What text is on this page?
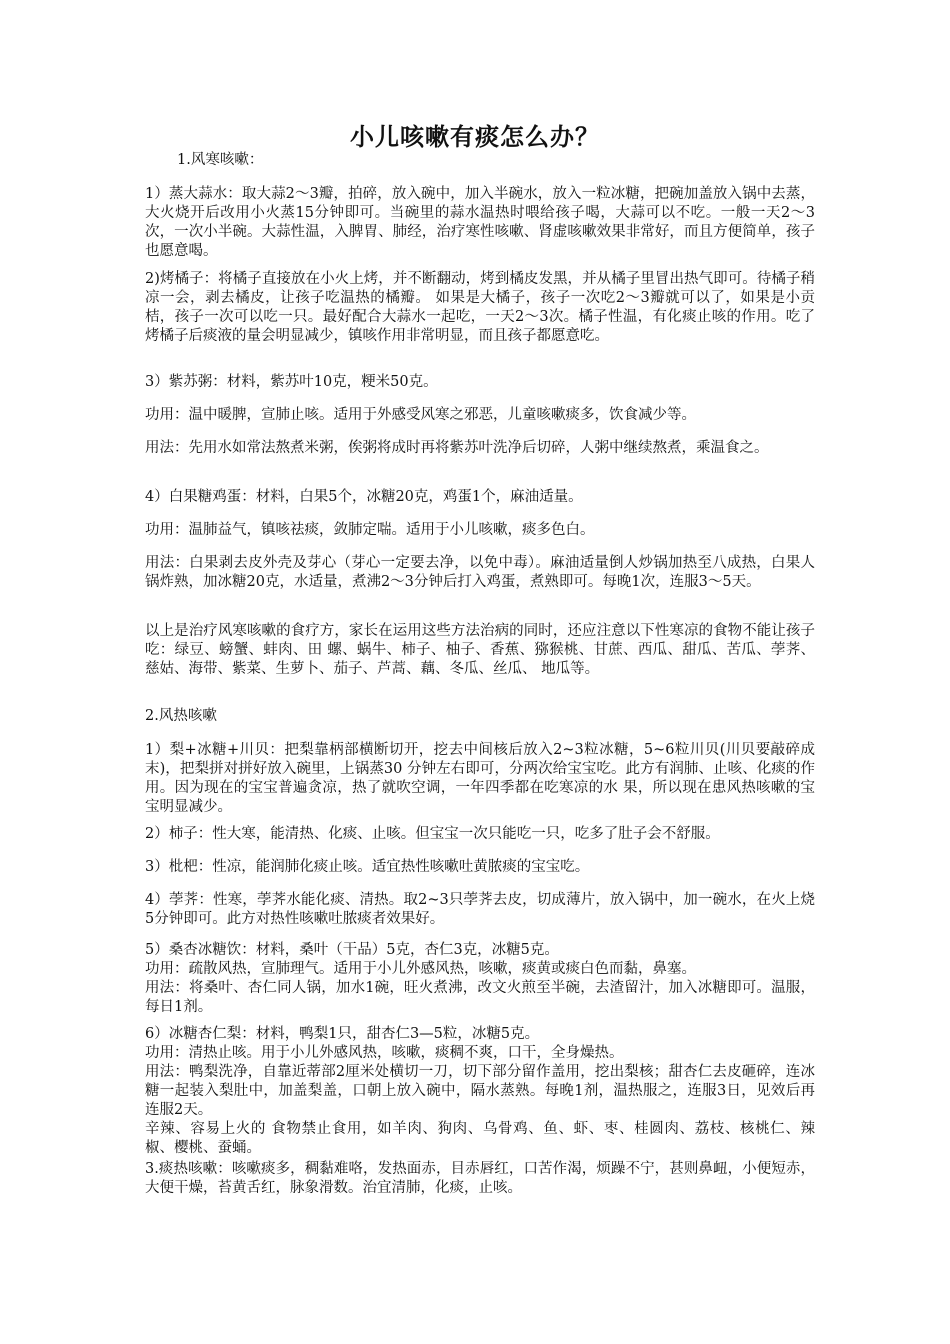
小儿咳嗽有痰怎么办？
1.风寒咳嗽：
1）蒸大蒜水：取大蒜2～3瓣，拍碎，放入碗中，加入半碗水，放入一粒冰糖，把碗加盖放入锅中去蒸，大火烧开后改用小火蒸15分钟即可。当碗里的蒜水温热时喂给孩子喝，大蒜可以不吃。一般一天2～3次，一次小半碗。大蒜性温，入脾胃、肺经，治疗寒性咳嗽、肾虚咳嗽效果非常好，而且方便简单，孩子也愿意喝。
2)烤橘子：将橘子直接放在小火上烤，并不断翻动，烤到橘皮发黑，并从橘子里冒出热气即可。待橘子稍凉一会，剥去橘皮，让孩子吃温热的橘瓣。 如果是大橘子，孩子一次吃2～3瓣就可以了，如果是小贡桔，孩子一次可以吃一只。最好配合大蒜水一起吃，一天2～3次。橘子性温，有化痰止咳的作用。吃了烤橘子后痰液的量会明显减少，镇咳作用非常明显，而且孩子都愿意吃。
3）紫苏粥：材料，紫苏叶10克，粳米50克。
功用：温中暖脾，宣肺止咳。适用于外感受风寒之邪恶，儿童咳嗽痰多，饮食减少等。
用法：先用水如常法熬煮米粥，俟粥将成时再将紫苏叶洗净后切碎，人粥中继续熬煮，乘温食之。
4）白果糖鸡蛋：材料，白果5个，冰糖20克，鸡蛋1个，麻油适量。
功用：温肺益气，镇咳祛痰，敛肺定喘。适用于小儿咳嗽，痰多色白。
用法：白果剥去皮外壳及芽心（芽心一定要去净，以免中毒）。麻油适量倒人炒锅加热至八成热，白果人锅炸熟，加冰糖20克，水适量，煮沸2～3分钟后打入鸡蛋，煮熟即可。每晚1次，连服3～5天。
以上是治疗风寒咳嗽的食疗方，家长在运用这些方法治病的同时，还应注意以下性寒凉的食物不能让孩子吃：绿豆、螃蟹、蚌肉、田 螺、蜗牛、柿子、柚子、香蕉、猕猴桃、甘蔗、西瓜、甜瓜、苦瓜、荸荠、慈姑、海带、紫菜、生萝卜、茄子、芦蒿、藕、冬瓜、丝瓜、 地瓜等。
2.风热咳嗽
1）梨+冰糖+川贝：把梨靠柄部横断切开，挖去中间核后放入2~3粒冰糖，5~6粒川贝(川贝要敲碎成末)，把梨拼对拼好放入碗里，上锅蒸30 分钟左右即可，分两次给宝宝吃。此方有润肺、止咳、化痰的作用。因为现在的宝宝普遍贪凉，热了就吹空调，一年四季都在吃寒凉的水 果，所以现在患风热咳嗽的宝宝明显减少。
2）柿子：性大寒，能清热、化痰、止咳。但宝宝一次只能吃一只，吃多了肚子会不舒服。
3）枇杷：性凉，能润肺化痰止咳。适宜热性咳嗽吐黄脓痰的宝宝吃。
4）荸荠：性寒，荸荠水能化痰、清热。取2~3只荸荠去皮，切成薄片，放入锅中，加一碗水，在火上烧5分钟即可。此方对热性咳嗽吐脓痰者效果好。
5）桑杏冰糖饮：材料，桑叶（干品）5克，杏仁3克，冰糖5克。
功用：疏散风热，宣肺理气。适用于小儿外感风热，咳嗽，痰黄或痰白色而黏，鼻塞。
用法：将桑叶、杏仁同人锅，加水1碗，旺火煮沸，改文火煎至半碗，去渣留汁，加入冰糖即可。温服，每日1剂。
6）冰糖杏仁梨：材料，鸭梨1只，甜杏仁3—5粒，冰糖5克。
功用：清热止咳。用于小儿外感风热，咳嗽，痰稠不爽，口干，全身燥热。
用法：鸭梨洗净，自靠近蒂部2厘米处横切一刀，切下部分留作盖用，挖出梨核；甜杏仁去皮砸碎，连冰糖一起装入梨肚中，加盖梨盖，口朝上放入碗中，隔水蒸熟。每晚1剂，温热服之，连服3日，见效后再连服2天。
辛辣、容易上火的 食物禁止食用，如羊肉、狗肉、乌骨鸡、鱼、虾、枣、桂圆肉、荔枝、核桃仁、辣椒、樱桃、蚕蛹。
3.痰热咳嗽：咳嗽痰多，稠黏难咯，发热面赤，目赤唇红，口苦作渴，烦躁不宁，甚则鼻衄，小便短赤，大便干燥，苔黄舌红，脉象滑数。治宜清肺，化痰，止咳。
